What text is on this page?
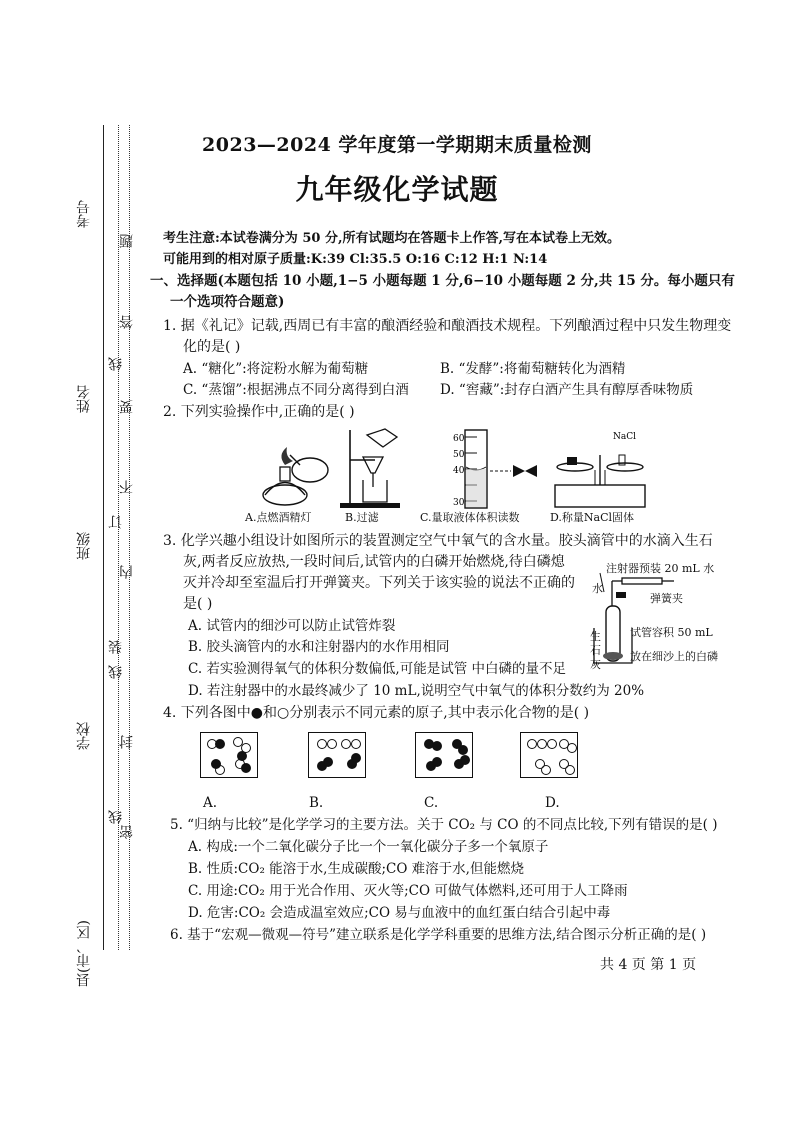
考号
姓名
班级
学校
县(市、区)
题
答
要
不
内
线
订
装
封
密
线
线
2023—2024 学年度第一学期期末质量检测
九年级化学试题
考生注意:本试卷满分为 50 分,所有试题均在答题卡上作答,写在本试卷上无效。
可能用到的相对原子质量:K:39 Cl:35.5 O:16 C:12 H:1 N:14
一、选择题(本题包括 10 小题,1−5 小题每题 1 分,6−10 小题每题 2 分,共 15 分。每小题只有
一个选项符合题意)
1. 据《礼记》记载,西周已有丰富的酿酒经验和酿酒技术规程。下列酿酒过程中只发生物理变
化的是( )
A. “糖化”:将淀粉水解为葡萄糖	B. “发酵”:将葡萄糖转化为酒精
C. “蒸馏”:根据沸点不同分离得到白酒 D. “窖藏”:封存白酒产生具有醇厚香味物质
2. 下列实验操作中,正确的是( )
60
50
40
30
NaCl
A.点燃酒精灯	B.过滤	C.量取液体体积读数	D.称量NaCl固体
3. 化学兴趣小组设计如图所示的装置测定空气中氧气的含水量。胶头滴管中的水滴入生石
灰,两者反应放热,一段时间后,试管内的白磷开始燃烧,待白磷熄
灭并冷却至室温后打开弹簧夹。下列关于该实验的说法不正确的
是( )
A. 试管内的细沙可以防止试管炸裂
B. 胶头滴管内的水和注射器内的水作用相同
C. 若实验测得氧气的体积分数偏低,可能是试管 中白磷的量不足
D. 若注射器中的水最终减少了 10 mL,说明空气中氧气的体积分数约为 20%
注射器预装 20 mL 水
水
弹簧夹
试管容积 50 mL
生石灰
放在细沙上的白磷
4. 下列各图中●和○分别表示不同元素的原子,其中表示化合物的是( )
A.	B.	C.	D.
5. “归纳与比较”是化学学习的主要方法。关于 CO₂ 与 CO 的不同点比较,下列有错误的是( )
A. 构成:一个二氧化碳分子比一个一氧化碳分子多一个氧原子
B. 性质:CO₂ 能溶于水,生成碳酸;CO 难溶于水,但能燃烧
C. 用途:CO₂ 用于光合作用、灭火等;CO 可做气体燃料,还可用于人工降雨
D. 危害:CO₂ 会造成温室效应;CO 易与血液中的血红蛋白结合引起中毒
6. 基于“宏观—微观—符号”建立联系是化学学科重要的思维方法,结合图示分析正确的是( )
共 4 页 第 1 页
